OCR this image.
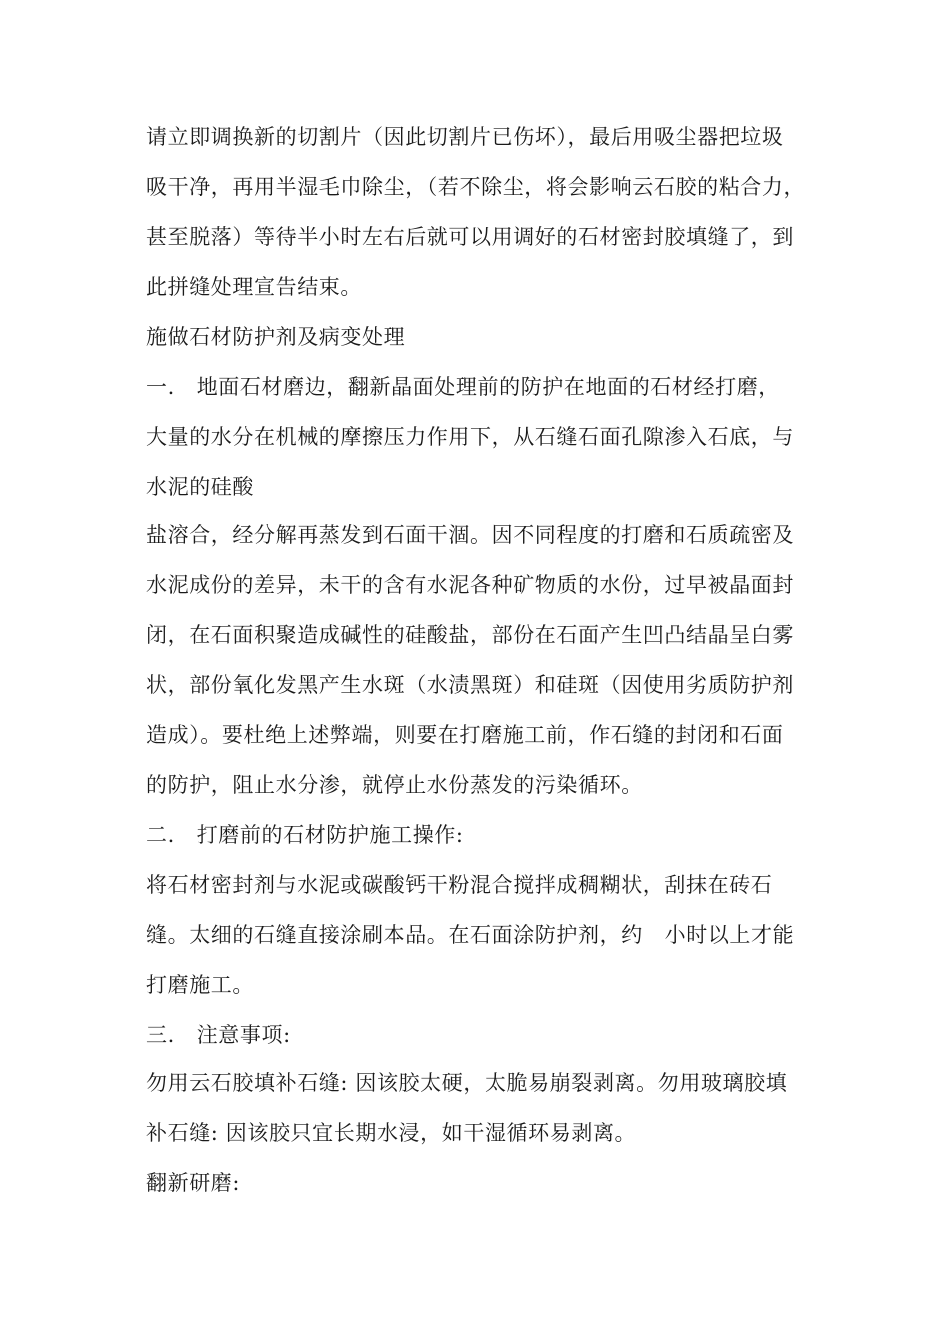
请立即调换新的切割片（因此切割片已伤坏），最后用吸尘器把垃圾
吸干净，再用半湿毛巾除尘，（若不除尘，将会影响云石胶的粘合力，
甚至脱落）等待半小时左右后就可以用调好的石材密封胶填缝了，到
此拼缝处理宣告结束。
施做石材防护剂及病变处理
一.   地面石材磨边，翻新晶面处理前的防护在地面的石材经打磨，
大量的水分在机械的摩擦压力作用下，从石缝石面孔隙渗入石底，与
水泥的硅酸
盐溶合，经分解再蒸发到石面干涸。因不同程度的打磨和石质疏密及
水泥成份的差异，未干的含有水泥各种矿物质的水份，过早被晶面封
闭，在石面积聚造成碱性的硅酸盐，部份在石面产生凹凸结晶呈白雾
状，部份氧化发黑产生水斑（水渍黑斑）和硅斑（因使用劣质防护剂
造成）。要杜绝上述弊端，则要在打磨施工前，作石缝的封闭和石面
的防护，阻止水分渗，就停止水份蒸发的污染循环。
二.   打磨前的石材防护施工操作:
将石材密封剂与水泥或碳酸钙干粉混合搅拌成稠糊状，刮抹在砖石
缝。太细的石缝直接涂刷本品。在石面涂防护剂，约   小时以上才能
打磨施工。
三.   注意事项:
勿用云石胶填补石缝: 因该胶太硬，太脆易崩裂剥离。勿用玻璃胶填
补石缝: 因该胶只宜长期水浸，如干湿循环易剥离。
翻新研磨:
